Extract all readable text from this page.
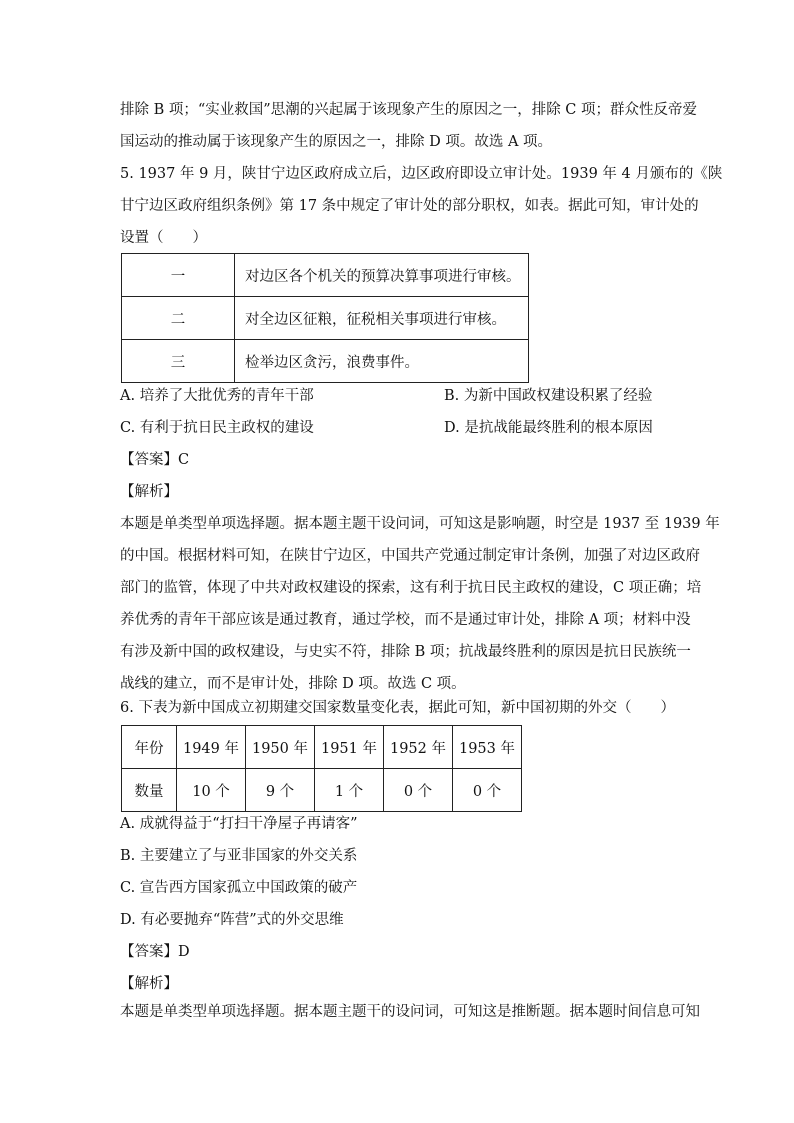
排除 B 项；“实业救国”思潮的兴起属于该现象产生的原因之一，排除 C 项；群众性反帝爱
国运动的推动属于该现象产生的原因之一，排除 D 项。故选 A 项。
5. 1937 年 9 月，陕甘宁边区政府成立后，边区政府即设立审计处。1939 年 4 月颁布的《陕
甘宁边区政府组织条例》第 17 条中规定了审计处的部分职权，如表。据此可知，审计处的
设置（　　）
一	对边区各个机关的预算决算事项进行审核。
二	对全边区征粮，征税相关事项进行审核。
三	检举边区贪污，浪费事件。
A. 培养了大批优秀的青年干部	B. 为新中国政权建设积累了经验
C. 有利于抗日民主政权的建设	D. 是抗战能最终胜利的根本原因
【答案】C
【解析】
本题是单类型单项选择题。据本题主题干设问词，可知这是影响题，时空是 1937 至 1939 年
的中国。根据材料可知，在陕甘宁边区，中国共产党通过制定审计条例，加强了对边区政府
部门的监管，体现了中共对政权建设的探索，这有利于抗日民主政权的建设，C 项正确；培
养优秀的青年干部应该是通过教育，通过学校，而不是通过审计处，排除 A 项；材料中没
有涉及新中国的政权建设，与史实不符，排除 B 项；抗战最终胜利的原因是抗日民族统一
战线的建立，而不是审计处，排除 D 项。故选 C 项。
6. 下表为新中国成立初期建交国家数量变化表，据此可知，新中国初期的外交（　　）
年份	1949 年	1950 年	1951 年	1952 年	1953 年
数量	10 个	9 个	1 个	0 个	0 个
A. 成就得益于“打扫干净屋子再请客”
B. 主要建立了与亚非国家的外交关系
C. 宣告西方国家孤立中国政策的破产
D. 有必要抛弃“阵营”式的外交思维
【答案】D
【解析】
本题是单类型单项选择题。据本题主题干的设问词，可知这是推断题。据本题时间信息可知
